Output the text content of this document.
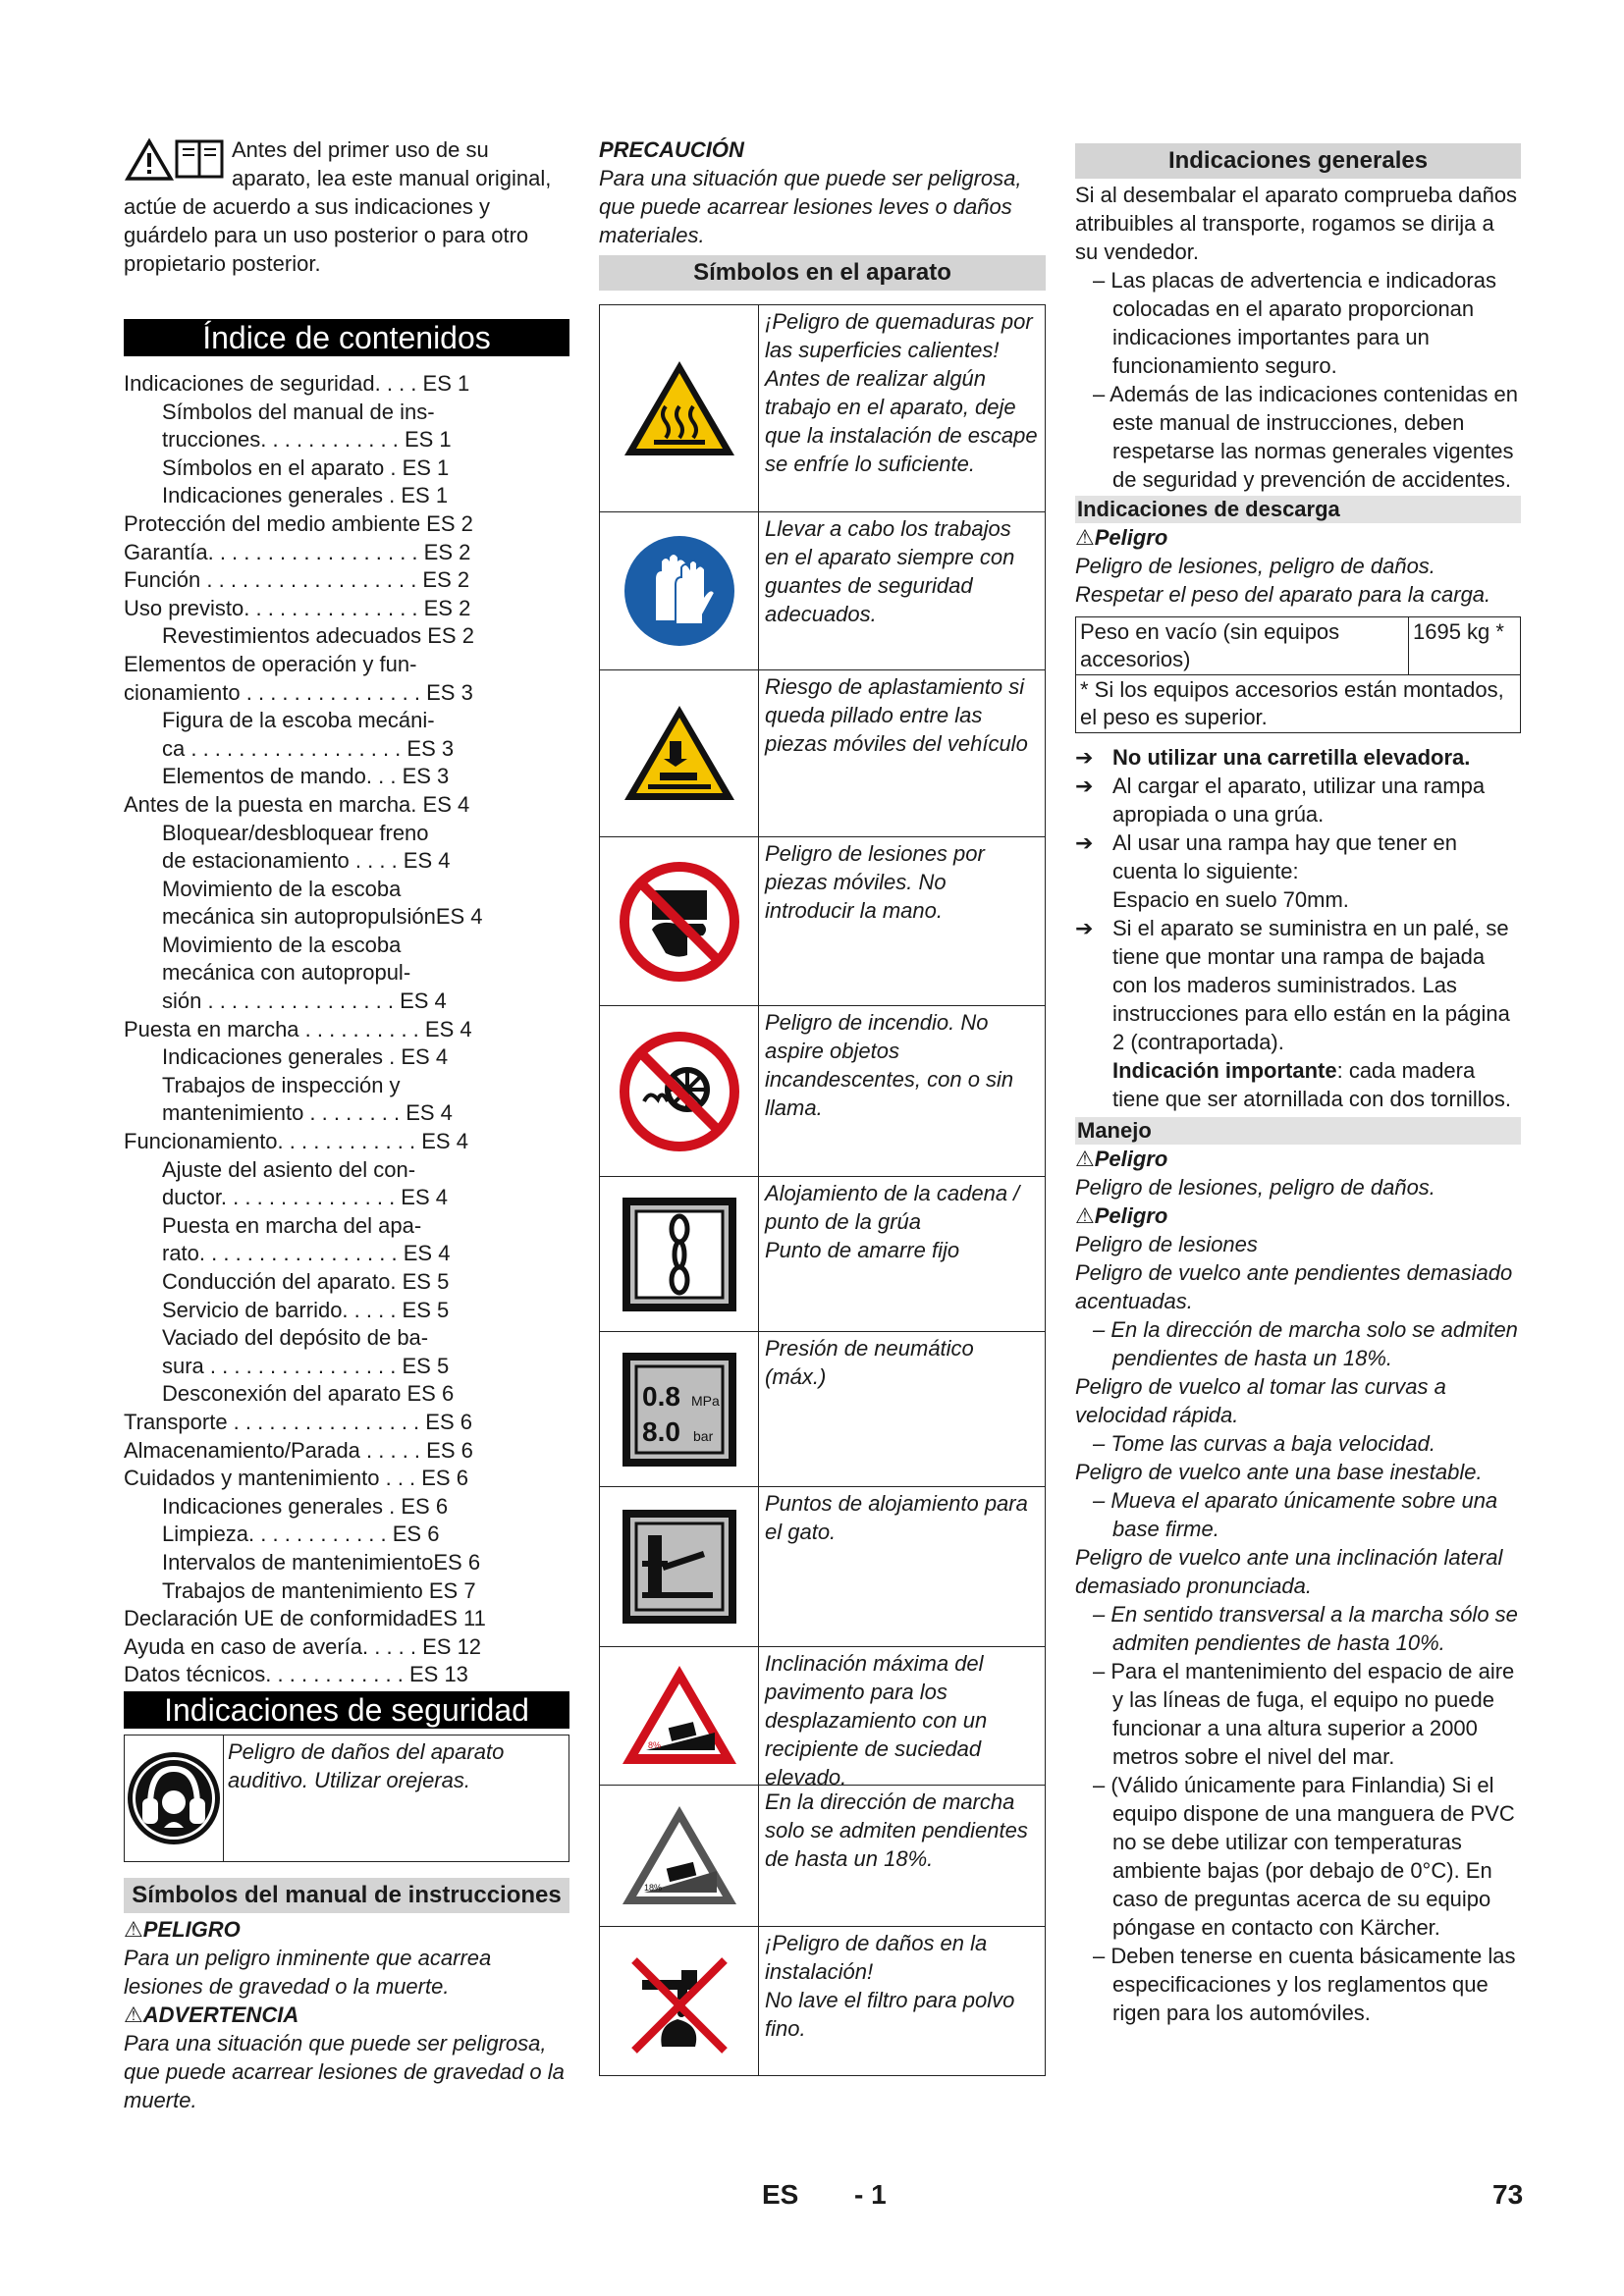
Antes del primer uso de su aparato, lea este manual original, actúe de acuerdo a sus indicaciones y guárdelo para un uso posterior o para otro propietario posterior.
Índice de contenidos
Indicaciones de seguridad. . . . ES 1
Símbolos del manual de ins-
trucciones. . . . . . . . . . . . ES 1
Símbolos en el aparato . ES 1
Indicaciones generales . ES 1
Protección del medio ambiente ES 2
Garantía. . . . . . . . . . . . . . . . . . ES 2
Función . . . . . . . . . . . . . . . . . . ES 2
Uso previsto. . . . . . . . . . . . . . . ES 2
Revestimientos adecuados ES 2
Elementos de operación y fun-
cionamiento . . . . . . . . . . . . . . . ES 3
Figura de la escoba mecáni-
ca . . . . . . . . . . . . . . . . . . ES 3
Elementos de mando. . . ES 3
Antes de la puesta en marcha. ES 4
Bloquear/desbloquear freno
de estacionamiento . . . . ES 4
Movimiento de la escoba
mecánica sin autopropulsiónES 4
Movimiento de la escoba
mecánica con autopropul-
sión . . . . . . . . . . . . . . . . ES 4
Puesta en marcha . . . . . . . . . . ES 4
Indicaciones generales . ES 4
Trabajos de inspección y
mantenimiento . . . . . . . . ES 4
Funcionamiento. . . . . . . . . . . . ES 4
Ajuste del asiento del con-
ductor. . . . . . . . . . . . . . . ES 4
Puesta en marcha del apa-
rato. . . . . . . . . . . . . . . . . ES 4
Conducción del aparato. ES 5
Servicio de barrido. . . . . ES 5
Vaciado del depósito de ba-
sura . . . . . . . . . . . . . . . . ES 5
Desconexión del aparato ES 6
Transporte . . . . . . . . . . . . . . . . ES 6
Almacenamiento/Parada . . . . . ES 6
Cuidados y mantenimiento . . . ES 6
Indicaciones generales . ES 6
Limpieza. . . . . . . . . . . . ES 6
Intervalos de mantenimientoES 6
Trabajos de mantenimiento ES 7
Declaración UE de conformidadES 11
Ayuda en caso de avería. . . . . ES 12
Datos técnicos. . . . . . . . . . . . ES 13
Indicaciones de seguridad
Peligro de daños del aparato auditivo. Utilizar orejeras.
Símbolos del manual de instrucciones

⚠PELIGRO

Para un peligro inminente que acarrea lesiones de gravedad o la muerte.

⚠ADVERTENCIA

Para una situación que puede ser peligrosa, que puede acarrear lesiones de gravedad o la muerte.

PRECAUCIÓN

Para una situación que puede ser peligrosa, que puede acarrear lesiones leves o daños materiales.

Símbolos en el aparato
¡Peligro de quemaduras por las superficies calientes! Antes de realizar algún trabajo en el aparato, deje que la instalación de escape se enfríe lo suficiente.
Llevar a cabo los trabajos en el aparato siempre con guantes de seguridad adecuados.
Riesgo de aplastamiento si queda pillado entre las piezas móviles del vehículo
Peligro de lesiones por piezas móviles. No introducir la mano.
Peligro de incendio. No aspire objetos incandescentes, con o sin llama.
Alojamiento de la cadena / punto de la grúa
Punto de amarre fijo
0.8 MPa
8.0 bar
Presión de neumático (máx.)
Puntos de alojamiento para el gato.
8%
Inclinación máxima del pavimento para los desplazamiento con un recipiente de suciedad elevado.
18%
En la dirección de marcha solo se admiten pendientes de hasta un 18%.
¡Peligro de daños en la instalación!
No lave el filtro para polvo fino.
Indicaciones generales

Si al desembalar el aparato comprueba daños atribuibles al transporte, rogamos se dirija a su vendedor.

– Las placas de advertencia e indicadoras colocadas en el aparato proporcionan indicaciones importantes para un funcionamiento seguro.

– Además de las indicaciones contenidas en este manual de instrucciones, deben respetarse las normas generales vigentes de seguridad y prevención de accidentes.

Indicaciones de descarga

⚠Peligro

Peligro de lesiones, peligro de daños. Respetar el peso del aparato para la carga.

Peso en vacío (sin equipos accesorios)
1695 kg *
* Si los equipos accesorios están montados, el peso es superior.

➔ No utilizar una carretilla elevadora.

➔ Al cargar el aparato, utilizar una rampa apropiada o una grúa.

➔ Al usar una rampa hay que tener en cuenta lo siguiente:
Espacio en suelo 70mm.

➔ Si el aparato se suministra en un palé, se tiene que montar una rampa de bajada con los maderos suministrados. Las instrucciones para ello están en la página 2 (contraportada).

Indicación importante: cada madera tiene que ser atornillada con dos tornillos.

Manejo

⚠Peligro

Peligro de lesiones, peligro de daños.

⚠Peligro

Peligro de lesiones

Peligro de vuelco ante pendientes demasiado acentuadas.

– En la dirección de marcha solo se admiten pendientes de hasta un 18%.

Peligro de vuelco al tomar las curvas a velocidad rápida.

– Tome las curvas a baja velocidad.

Peligro de vuelco ante una base inestable.

– Mueva el aparato únicamente sobre una base firme.

Peligro de vuelco ante una inclinación lateral demasiado pronunciada.

– En sentido transversal a la marcha sólo se admiten pendientes de hasta 10%.

– Para el mantenimiento del espacio de aire y las líneas de fuga, el equipo no puede funcionar a una altura superior a 2000 metros sobre el nivel del mar.

– (Válido únicamente para Finlandia) Si el equipo dispone de una manguera de PVC no se debe utilizar con temperaturas ambiente bajas (por debajo de 0°C). En caso de preguntas acerca de su equipo póngase en contacto con Kärcher.

– Deben tenerse en cuenta básicamente las especificaciones y los reglamentos que rigen para los automóviles.

ES - 1	73
